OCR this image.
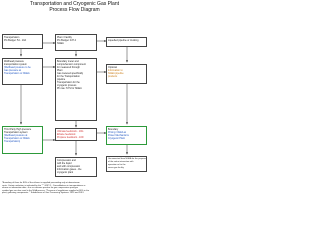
Transportation and Cryogenic Gas Plant
Process Flow Diagram
Transportation
PG Budget: 54 - 10A
Wellhead pressure
transportation system
(Wellhead pressure to be
Gas pressure at
Transportation or NGEA
Third Party High pressure
Transportation system
(Wellhead pressure at
Transportation or NGEA
Transportation)
Plant / Facility
PG Budget: 437.4
NGEA
Boundary meter and
comprehension component
for measured through
Plant
Gas metered specifically
for the Transportation
pipeline
Transportation for the
cryogenic process
Ph rate: SYS for NGEA
Ultimate feedstock - 10G
Ethane feedstock
Propane feedstock - 10D
Compression and
with the liquid
and with compression
Information gases - the
cryogenic plant
Liquefied pipeline or trucking
Optional
Information to
NGEA pipeline
products
Boundary
Pricing: NGEA at
Power Mechanisms
Cryogenic Plant
Unconnected from NGEA for the purpose
of the entire interaction with
operation or for the
sewer gas facility
*Boundary of three for 80% of the ethane is supplied proceeding only at downstream
costs. Certain reduction is indicated by the "*" GSP^1 - Consolidations in transportations or
shown as information data - the as common practice for gas compression post-gas
residual gas are also used in the NGA process. *Pressure of regulations supplied at 80% in the
plant, gathering components. * Subdivisions of Gas Processing Systems: 2013 and 2013
